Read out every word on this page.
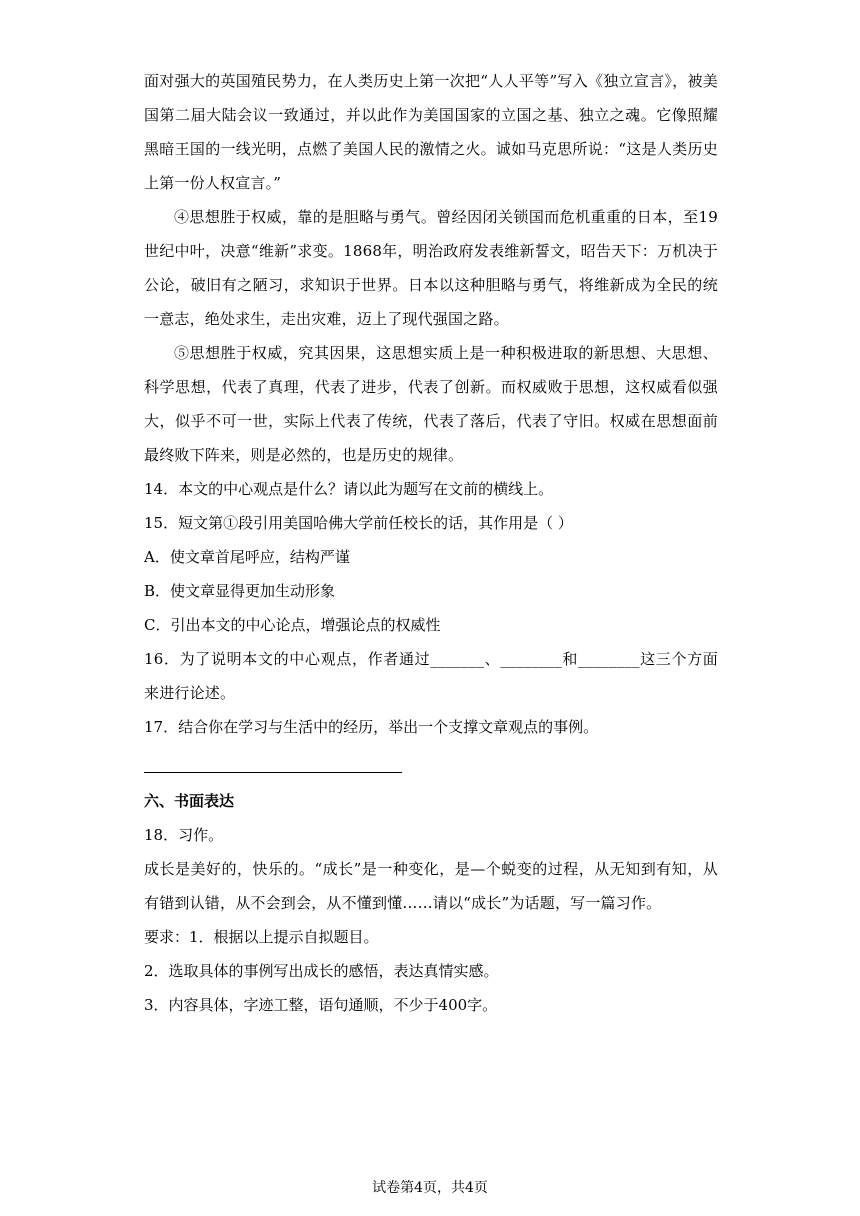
面对强大的英国殖民势力，在人类历史上第一次把“人人平等”写入《独立宣言》，被美国第二届大陆会议一致通过，并以此作为美国国家的立国之基、独立之魂。它像照耀黑暗王国的一线光明，点燃了美国人民的激情之火。诚如马克思所说：“这是人类历史上第一份人权宣言。”

④思想胜于权威，靠的是胆略与勇气。曾经因闭关锁国而危机重重的日本，至19世纪中叶，决意“维新”求变。1868年，明治政府发表维新誓文，昭告天下：万机决于公论，破旧有之陋习，求知识于世界。日本以这种胆略与勇气，将维新成为全民的统一意志，绝处求生，走出灾难，迈上了现代强国之路。

⑤思想胜于权威，究其因果，这思想实质上是一种积极进取的新思想、大思想、科学思想，代表了真理，代表了进步，代表了创新。而权威败于思想，这权威看似强大，似乎不可一世，实际上代表了传统，代表了落后，代表了守旧。权威在思想面前最终败下阵来，则是必然的，也是历史的规律。

14．本文的中心观点是什么？请以此为题写在文前的横线上。

15．短文第①段引用美国哈佛大学前任校长的话，其作用是（ ）

A．使文章首尾呼应，结构严谨

B．使文章显得更加生动形象

C．引出本文的中心论点，增强论点的权威性

16．为了说明本文的中心观点，作者通过_______、________和________这三个方面来进行论述。

17．结合你在学习与生活中的经历，举出一个支撑文章观点的事例。

六、书面表达

18．习作。

成长是美好的，快乐的。“成长”是一种变化，是—个蜕变的过程，从无知到有知，从有错到认错，从不会到会，从不懂到懂……请以“成长”为话题，写一篇习作。

要求：1．根据以上提示自拟题目。

2．选取具体的事例写出成长的感悟，表达真情实感。

3．内容具体，字迹工整，语句通顺，不少于400字。

试卷第4页，共4页
